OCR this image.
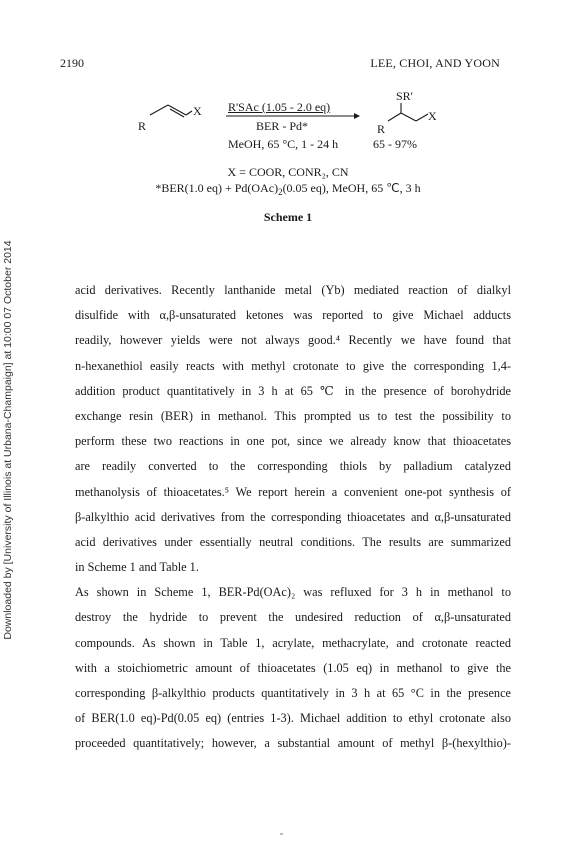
2190	LEE, CHOI, AND YOON
R
X
SR'
R
X
R'SAc (1.05 - 2.0 eq)
BER - Pd*
MeOH, 65 °C, 1 - 24 h	65 - 97%
X = COOR, CONR₂, CN
*BER(1.0 $eq) + Pd(OAc)_2(0.05$ eq), MeOH, 65 ℃, 3 h
Scheme 1
Downloaded by [University of Illinois at Urbana-Champaign] at 10:00 07 October 2014	acid derivatives. Recently lanthanide metal (Yb) mediated reaction of dialkyl
disulfide with α,β-unsaturated ketones was reported to give Michael adducts
readily, however yields were not always good.⁴ Recently we have found that
n-hexanethiol easily reacts with methyl crotonate to give the corresponding 1,4-
addition product quantitatively in 3 h at 65 ℃ in the presence of borohydride
exchange resin (BER) in methanol. This prompted us to test the possibility to
perform these two reactions in one pot, since we already know that thioacetates
are readily converted to the corresponding thiols by palladium catalyzed
methanolysis of thioacetates.⁵ We report herein a convenient one-pot synthesis of
β-alkylthio acid derivatives from the corresponding thioacetates and α,β-unsaturated
acid derivatives under essentially neutral conditions. The results are summarized
in Scheme 1 and Table 1.
As shown in Scheme 1, BER-Pd(OAc)₂ was refluxed for 3 h in methanol to
destroy the hydride to prevent the undesired reduction of α,β-unsaturated
compounds. As shown in Table 1, acrylate, methacrylate, and crotonate reacted
with a stoichiometric amount of thioacetates (1.05 eq) in methanol to give the
corresponding β-alkylthio products quantitatively in 3 h at 65 °C in the presence
of BER(1.0 eq)-Pd(0.05 eq) (entries 1-3). Michael addition to ethyl crotonate also
proceeded quantitatively; however, a substantial amount of methyl β-(hexylthio)-
